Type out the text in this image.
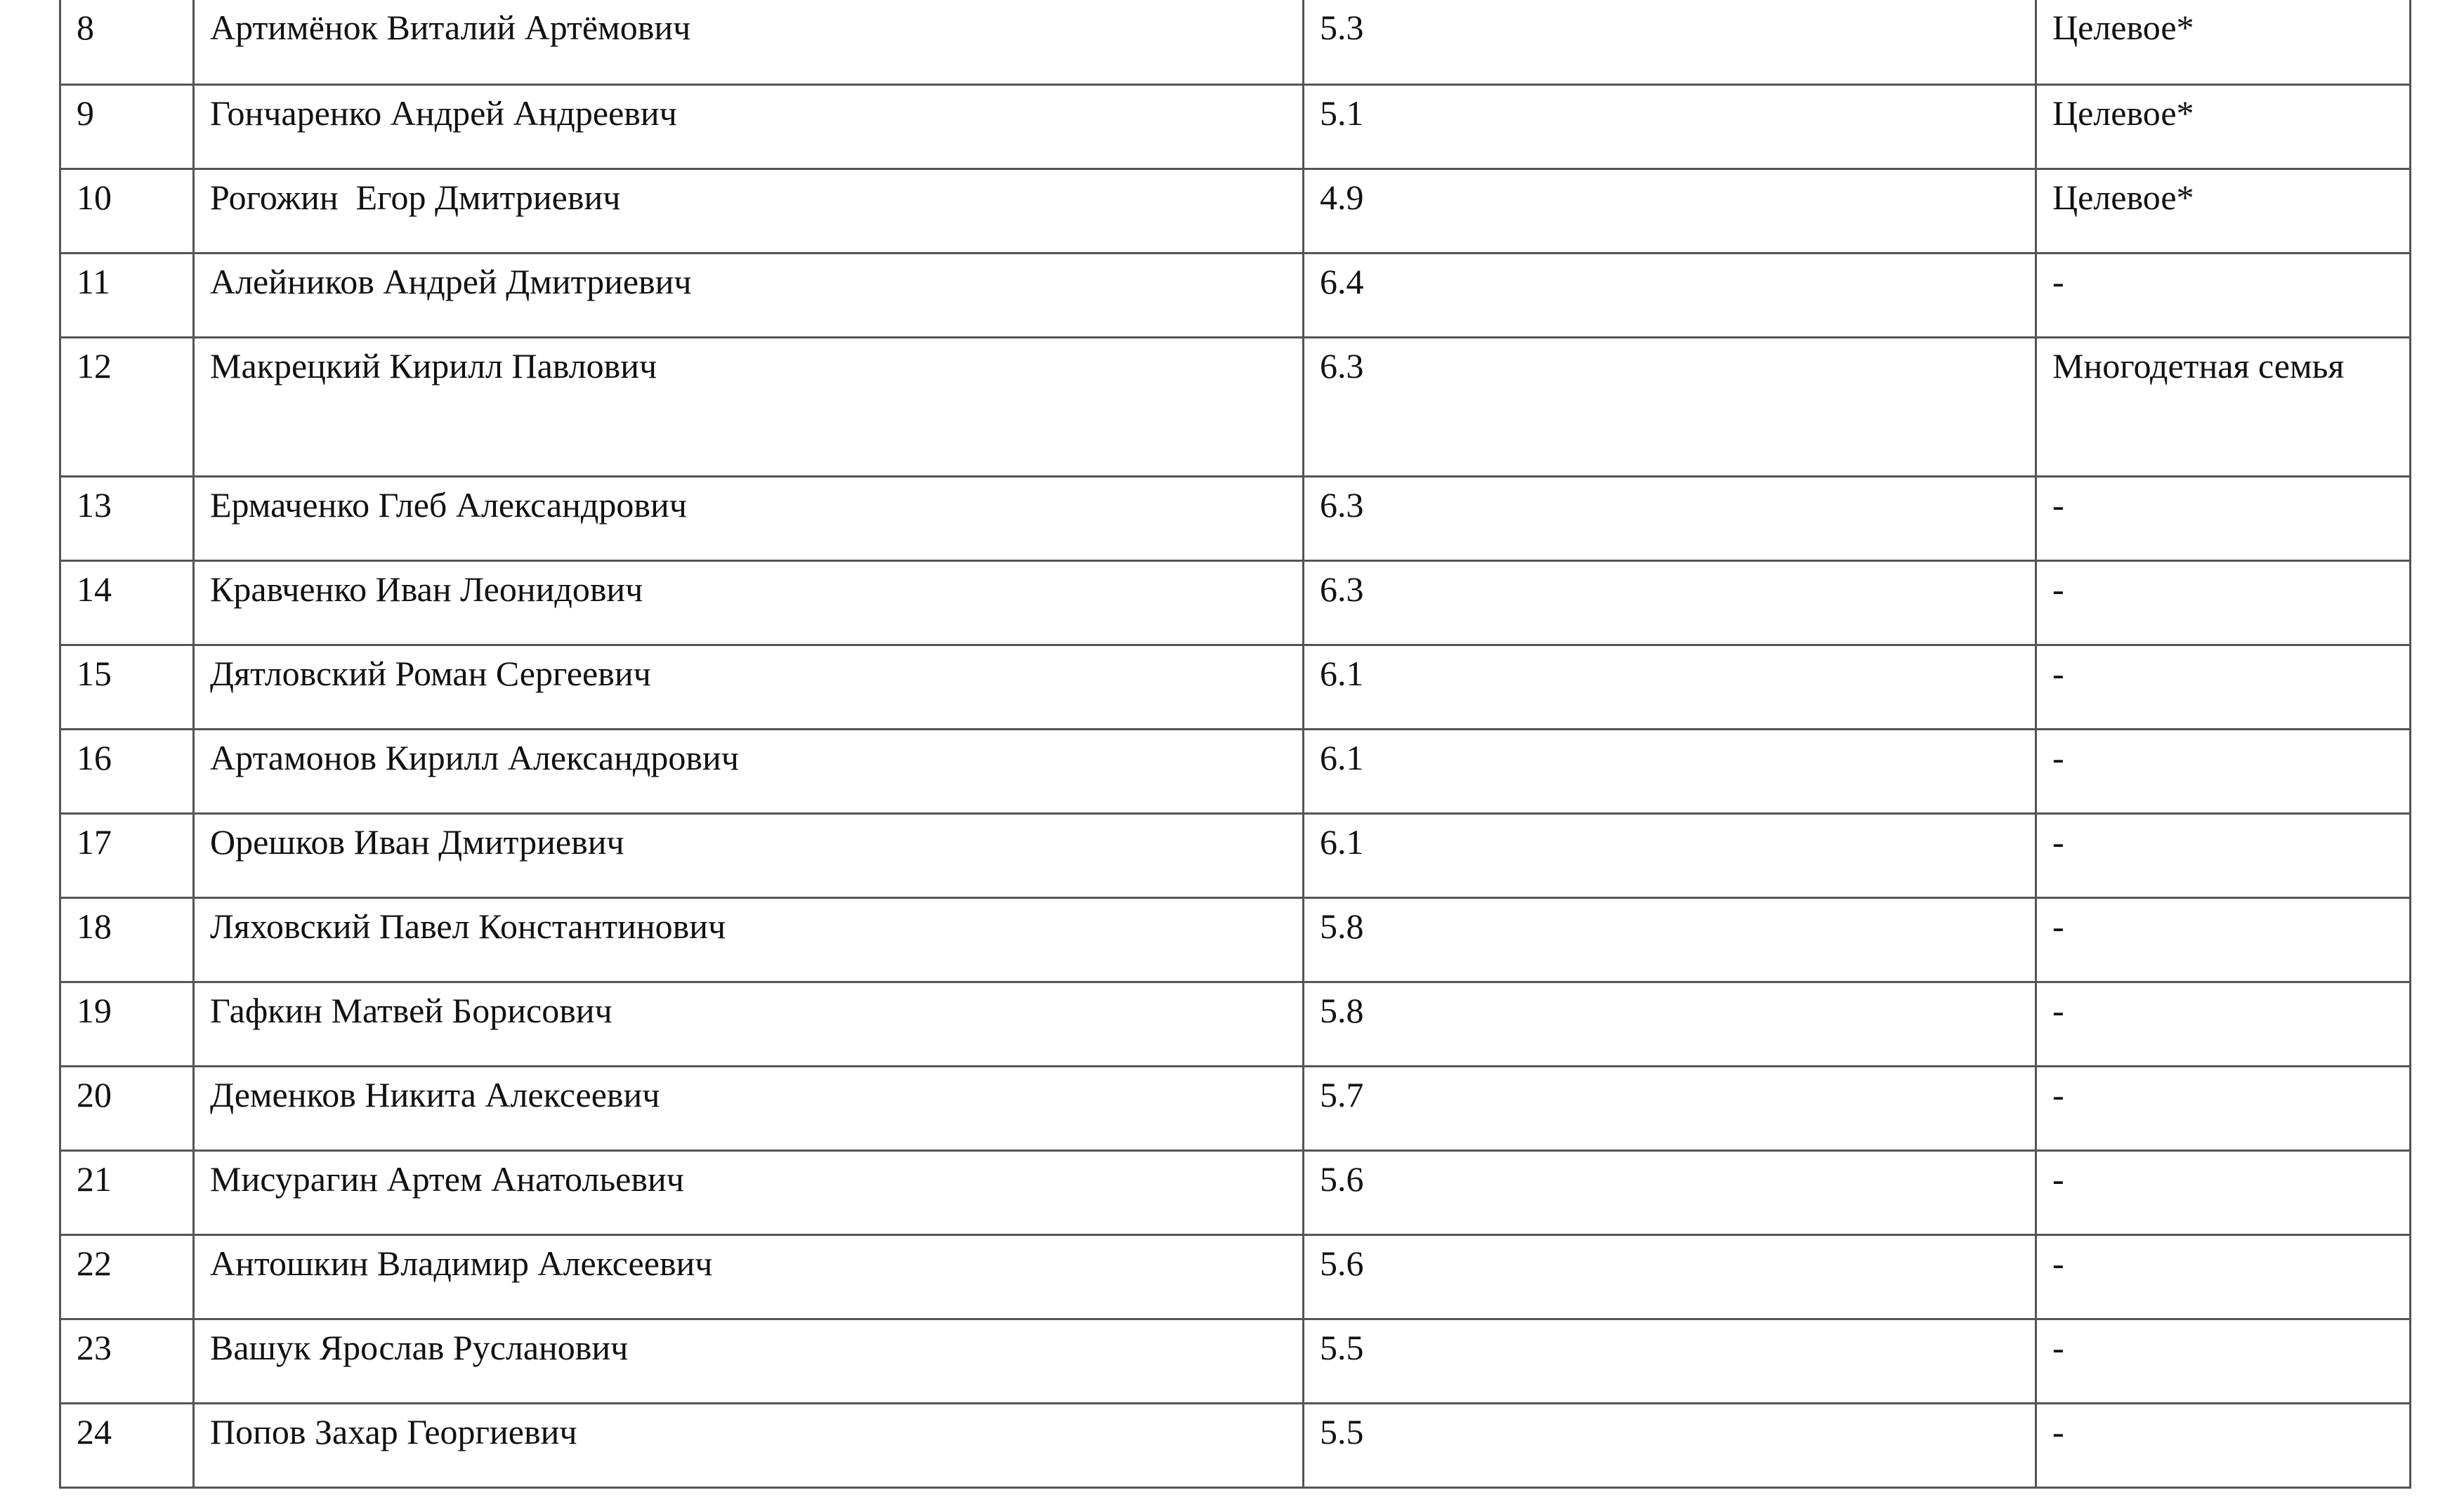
8	Артимёнок Виталий Артёмович	5.3	Целевое*
9	Гончаренко Андрей Андреевич	5.1	Целевое*
10	Рогожин  Егор Дмитриевич	4.9	Целевое*
11	Алейников Андрей Дмитриевич	6.4	-
12	Макрецкий Кирилл Павлович	6.3	Многодетная семья
13	Ермаченко Глеб Александрович	6.3	-
14	Кравченко Иван Леонидович	6.3	-
15	Дятловский Роман Сергеевич	6.1	-
16	Артамонов Кирилл Александрович	6.1	-
17	Орешков Иван Дмитриевич	6.1	-
18	Ляховский Павел Константинович	5.8	-
19	Гафкин Матвей Борисович	5.8	-
20	Деменков Никита Алексеевич	5.7	-
21	Мисурагин Артем Анатольевич	5.6	-
22	Антошкин Владимир Алексеевич	5.6	-
23	Вашук Ярослав Русланович	5.5	-
24	Попов Захар Георгиевич	5.5	-
